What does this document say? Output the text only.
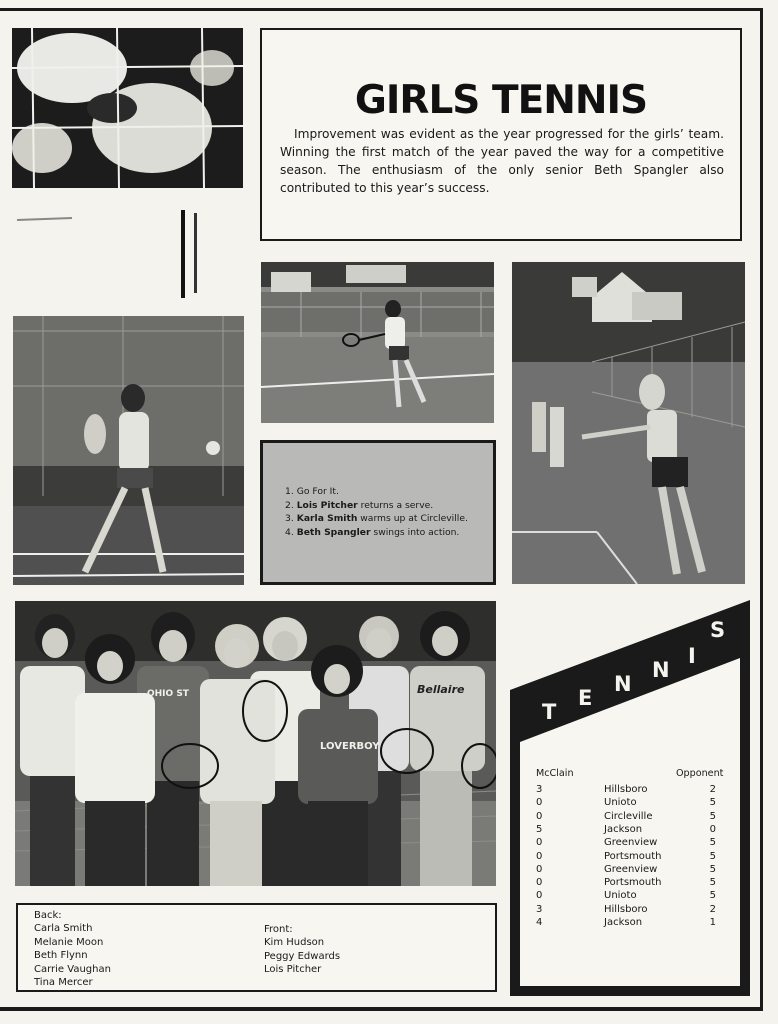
GIRLS TENNIS
Improvement was evident as the year progressed for the girls’ team. Winning the first match of the year paved the way for a competitive season. The enthusiasm of the only senior Beth Spangler also contributed to this year’s success.
1. Go For It.
2. Lois Pitcher returns a serve.
3. Karla Smith warms up at Circleville.
4. Beth Spangler swings into action.
OHIO ST
LOVERBOY
Bellaire
Back:
Carla Smith
Melanie Moon
Beth Flynn
Carrie Vaughan
Tina Mercer
Front:
Kim Hudson
Peggy Edwards
Lois Pitcher
T
E
N
N
I
S
McClain	Opponent
3	Hillsboro	2
0	Unioto	5
0	Circleville	5
5	Jackson	0
0	Greenview	5
0	Portsmouth	5
0	Greenview	5
0	Portsmouth	5
0	Unioto	5
3	Hillsboro	2
4	Jackson	1
